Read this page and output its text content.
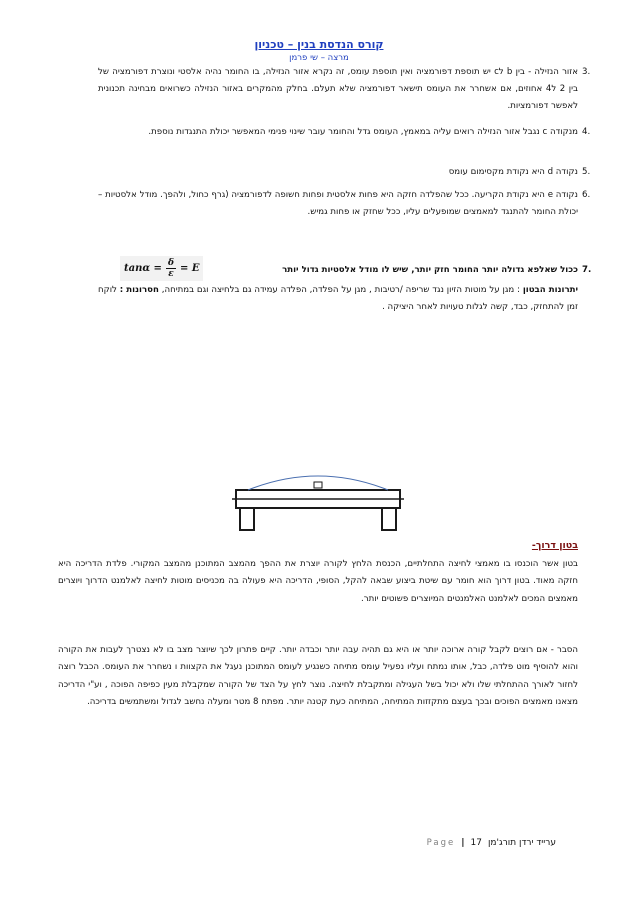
קורס הנדסת בנין – טכניון
מרצה – שי פרמן
3.
אזור הנזילה - בין b לc יש תוספת דפורמציה ואין תוספת עומס, זה נקרא אזור הנזילה, בו החומר נהיה אלסטי ונוצרת דפורמציה של בין 2 ל4 אחוזים, אם אשחרר את העומס תישאר דפורמציה שלא תעלם. בחלק מהמקרים באזור הנזילה כשרואים מבחינה תכנונית לאפשר דפורמציות.
4.
מנקודה c נגבל אזור הנזילה רואים עליה במאמץ, העומס גדל והחומר עובר שינוי פנימי המאפשר יכולת התנגדות נוספת.
5.
נקודה d היא נקודת מקסימום עומס
6.
נקודה e היא נקודת הקריעה. ככל שהפלדה חזקה היא פחות אלסטית ופחות חשופה לדפורמציה (גרף כחול, ולהפך. מודל אלסטיות – יכולת החומר להתנגד למאמצים שמופעלים עליו, ככל שחזק או פחות גמיש.
7.
ככול שאלפא גדולה יותר החומר חזק יותר, שיש לו מודל אלסטיות גדול יותר
$\tan\alpha = \frac{\delta}{\varepsilon} = E$
יתרונות הבטון : מגן על מוטות הזיון נגד שריפה /רטיבות , מגן על הפלדה, הפלדה עמידה גם בלחיצה וגם במתיחה, חסרונות : לוקח זמן להתחזק, כבד, קשה לגלות טעויות לאחר היציקה .
בטון דרוך-
בטון אשר הוכנסו בו מאמצי לחיצה התחלתיים, הכנסת הלחץ לקורה יוצרת את ההפך מהמצב המתוכנן מהמצב המקורי. פלדת הדריכה היא חזקה מאוד. בטון דרוך הוא חומר עם שיטת ביצוע שבאה להקל, הסופי, הדריכה היא פעולה בה מכניסים מוטות לחיצה לאלמנט הדרוך ויוצרים מאמצים המכים לאלמנט האלמנטים המיוצרים פשוטים יותר.
הסבר - אם רוצים לקבל קורה ארוכה יותר או היא גם תהיה עבה יותר וכבדה יותר. קיים פתרון לכך שיוצר מצב בו לא נצטרך לעבות את הקורה והוא להוסיף מוט פלדה, כבל, אותו נמתח ועליו נפעיל עומס מתיחה כשנגיע לעומס המתוכנן נעגל את הקצוות ו נשחרר את העומס. הכבל רוצה לחזור לאורך ההתחלתי שלו ולא יכול בשל העגילה ומתקבלת לחיצה. נוצר לחץ על הצד של הקורה שמקבלת מעין כפיפה הפוכה , וע"י הדריכה מצאנו מאמצים הפוכים ובכך בעצם מתקזזות המתיחה, המתיחה כעת קטנה יותר. מפתח 8 מטר ומעלה נחשב לגדול ומשתמשים בדריכה.
ערייד ירדן תורג'מן
17
|
Page
